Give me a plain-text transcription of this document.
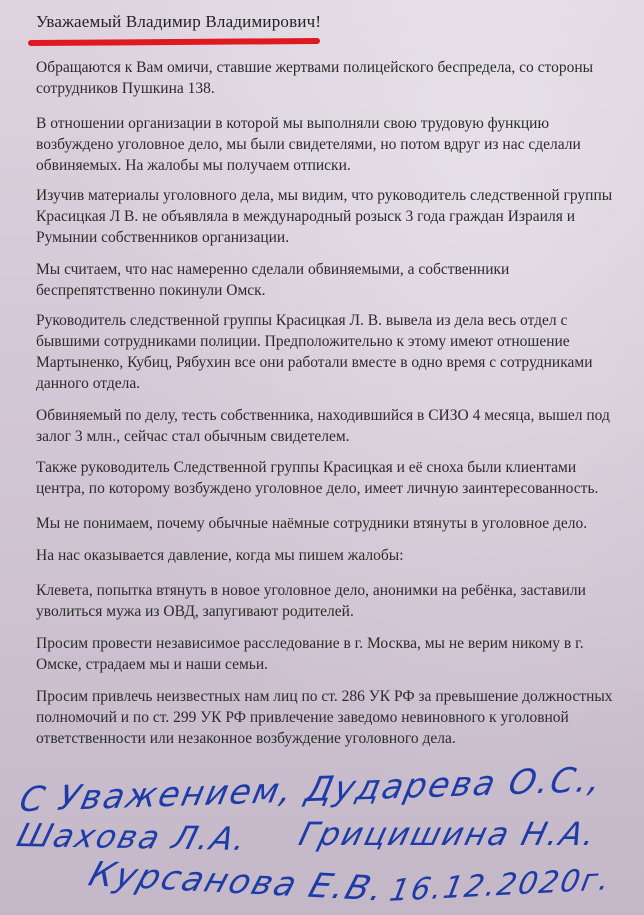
Уважаемый Владимир Владимирович!

Обращаются к Вам омичи, ставшие жертвами полицейского беспредела, со стороны сотрудников Пушкина 138.

В отношении организации в которой мы выполняли свою трудовую функцию возбуждено уголовное дело, мы были свидетелями, но потом вдруг из нас сделали обвиняемых. На жалобы мы получаем отписки.

Изучив материалы уголовного дела, мы видим, что руководитель следственной группы Красицкая Л В. не объявляла в международный розыск 3 года граждан Израиля и Румынии собственников организации.

Мы считаем, что нас намеренно сделали обвиняемыми, а собственники беспрепятственно покинули Омск.

Руководитель следственной группы Красицкая Л. В. вывела из дела весь отдел с бывшими сотрудниками полиции. Предположительно к этому имеют отношение Мартыненко, Кубиц, Рябухин все они работали вместе в одно время с сотрудниками данного отдела.

Обвиняемый по делу, тесть собственника, находившийся в СИЗО 4 месяца, вышел под залог 3 млн., сейчас стал обычным свидетелем.

Также руководитель Следственной группы Красицкая и её сноха были клиентами центра, по которому возбуждено уголовное дело, имеет личную заинтересованность.

Мы не понимаем, почему обычные наёмные сотрудники втянуты в уголовное дело.

На нас оказывается давление, когда мы пишем жалобы:

Клевета, попытка втянуть в новое уголовное дело, анонимки на ребёнка, заставили уволиться мужа из ОВД, запугивают родителей.

Просим провести независимое расследование в г. Москва, мы не верим никому в г. Омске, страдаем мы и наши семьи.

Просим привлечь неизвестных нам лиц по ст. 286 УК РФ за превышение должностных полномочий и по ст. 299 УК РФ привлечение заведомо невиновного к уголовной ответственности или незаконное возбуждение уголовного дела.

С Уважением, Дударева О.С.,
Шахова Л.А. Грицишина Н.А.
Курсанова Е.В.
16.12.2020г.
